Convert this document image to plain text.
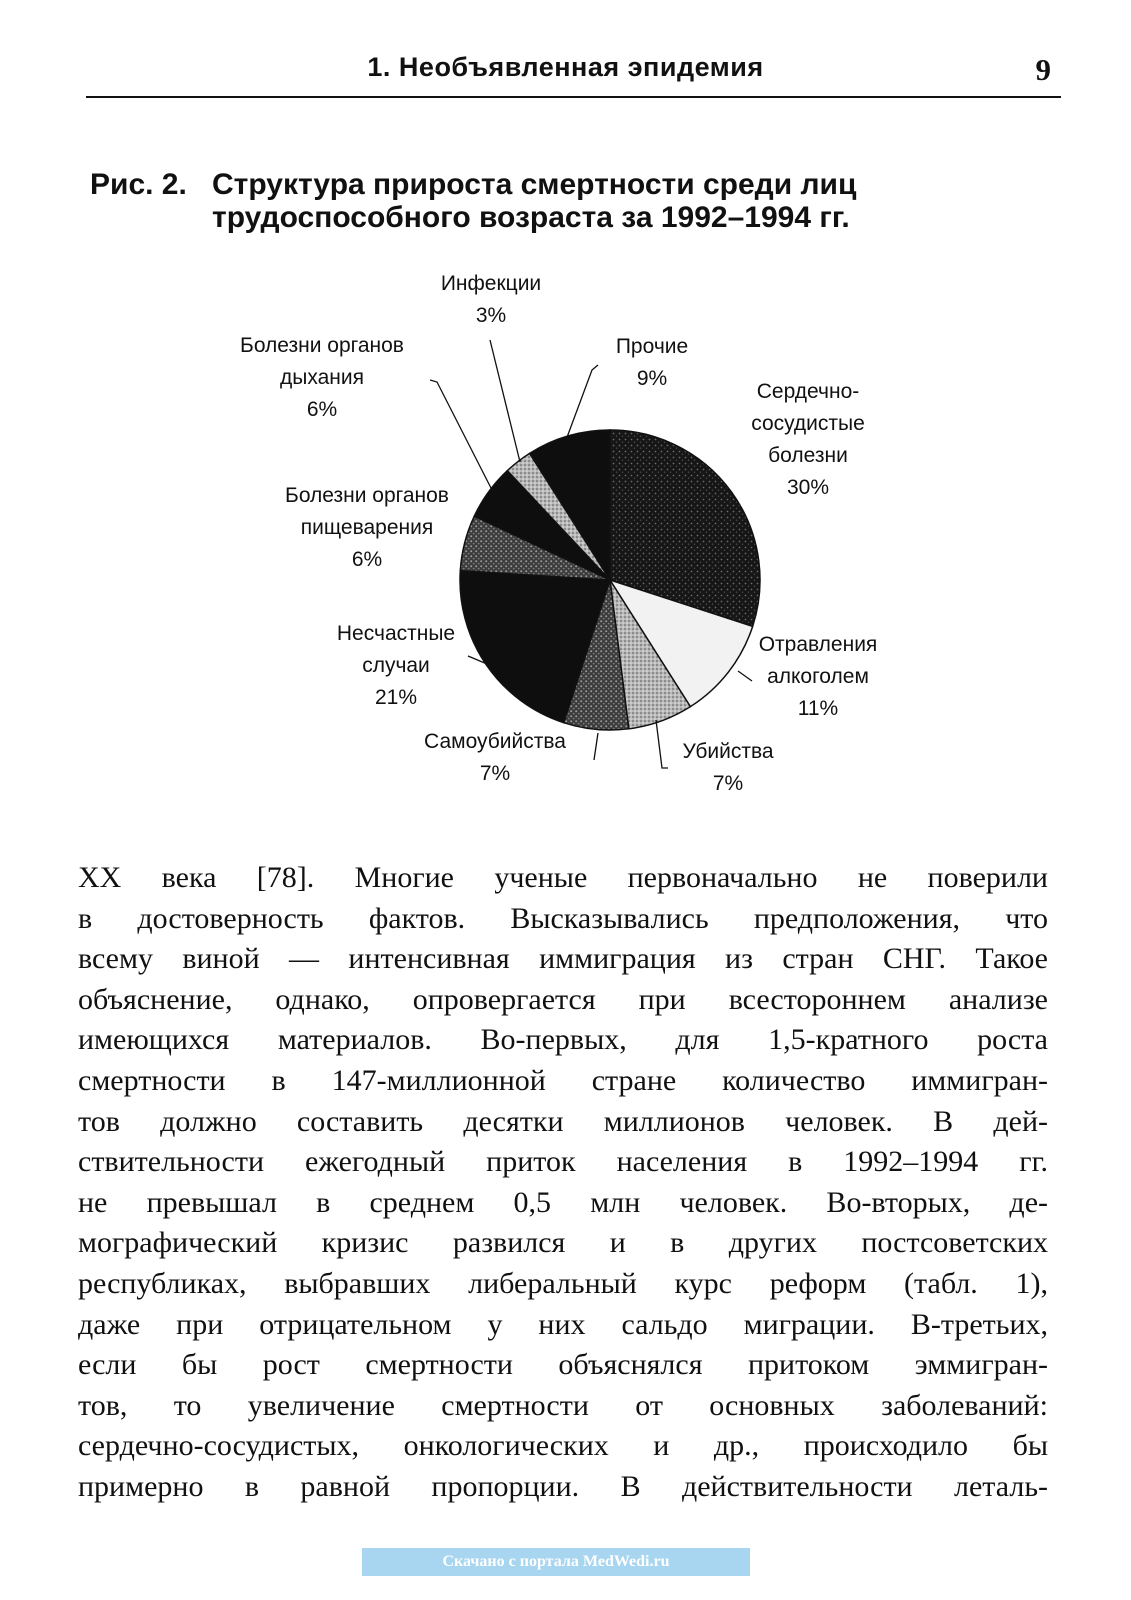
1. Необъявленная эпидемия	9
Рис. 2. Структура прироста смертности среди лиц
трудоспособного возраста за 1992–1994 гг.
Сердечно-сосудистые болезни 30%
Отравления алкоголем 11%
Убийства 7%
Самоубийства 7%
Несчастные случаи 21%
Болезни органов пищеварения 6%
Болезни органов дыхания 6%
Инфекции 3%
Прочие 9%
XX века [78]. Многие ученые первоначально не поверили
в достоверность фактов. Высказывались предположения, что
всему виной — интенсивная иммиграция из стран СНГ. Такое
объяснение, однако, опровергается при всестороннем анализе
имеющихся материалов. Во-первых, для 1,5-кратного роста
смертности в 147-миллионной стране количество иммигран-
тов должно составить десятки миллионов человек. В дей-
ствительности ежегодный приток населения в 1992–1994 гг.
не превышал в среднем 0,5 млн человек. Во-вторых, де-
мографический кризис развился и в других постсоветских
республиках, выбравших либеральный курс реформ (табл. 1),
даже при отрицательном у них сальдо миграции. В-третьих,
если бы рост смертности объяснялся притоком эммигран-
тов, то увеличение смертности от основных заболеваний:
сердечно-сосудистых, онкологических и др., происходило бы
примерно в равной пропорции. В действительности леталь-
Скачано с портала MedWedi.ru
